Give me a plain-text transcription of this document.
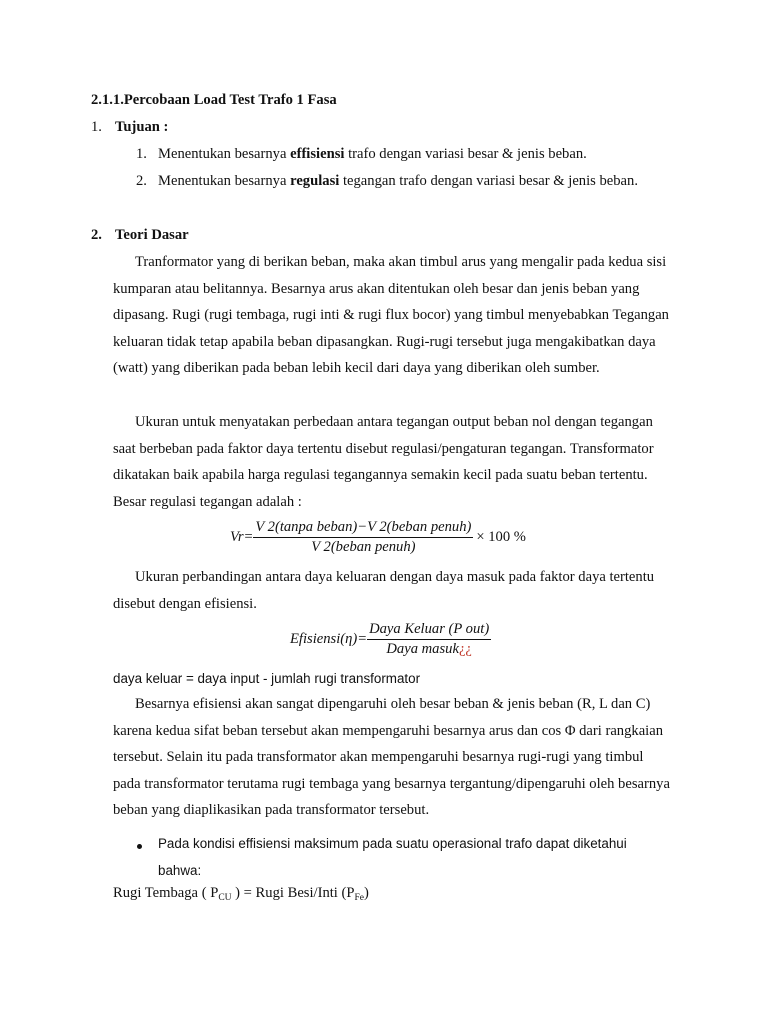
2.1.1.Percobaan Load Test Trafo 1 Fasa
1. Tujuan :
1. Menentukan besarnya effisiensi trafo dengan variasi besar & jenis beban.
2. Menentukan besarnya regulasi tegangan trafo dengan variasi besar & jenis beban.
2. Teori Dasar
Tranformator yang di berikan beban, maka akan timbul arus yang mengalir pada kedua sisi kumparan atau belitannya. Besarnya arus akan ditentukan oleh besar dan jenis beban yang dipasang. Rugi (rugi tembaga, rugi inti & rugi flux bocor) yang timbul menyebabkan Tegangan keluaran tidak tetap apabila beban dipasangkan. Rugi-rugi tersebut juga mengakibatkan daya (watt) yang diberikan pada beban lebih kecil dari daya yang diberikan oleh sumber.
Ukuran untuk menyatakan perbedaan antara tegangan output beban nol dengan tegangan saat berbeban pada faktor daya tertentu disebut regulasi/pengaturan tegangan. Transformator dikatakan baik apabila harga regulasi tegangannya semakin kecil pada suatu beban tertentu. Besar regulasi tegangan adalah :
$Vr= \frac{\text{V 2(tanpa beban)−V 2(beban penuh)}}{\text{V 2(beban penuh)}} \times 100$ %
Ukuran perbandingan antara daya keluaran dengan daya masuk pada faktor daya tertentu disebut dengan efisiensi.
Efisiensi(η)= $\frac{\text{Daya Keluar (P out)}}{\text{Daya masuk¿¿}}$
daya keluar = daya input - jumlah rugi transformator
Besarnya efisiensi akan sangat dipengaruhi oleh besar beban & jenis beban (R, L dan C) karena kedua sifat beban tersebut akan mempengaruhi besarnya arus dan cos Φ dari rangkaian tersebut. Selain itu pada transformator akan mempengaruhi besarnya rugi-rugi yang timbul pada transformator terutama rugi tembaga yang besarnya tergantung/dipengaruhi oleh besarnya beban yang diaplikasikan pada transformator tersebut.
Pada kondisi effisiensi maksimum pada suatu operasional trafo dapat diketahui
bahwa:
Rugi Tembaga ( $P_{CU}$ ) = Rugi Besi/Inti $(P_{Fe})$
